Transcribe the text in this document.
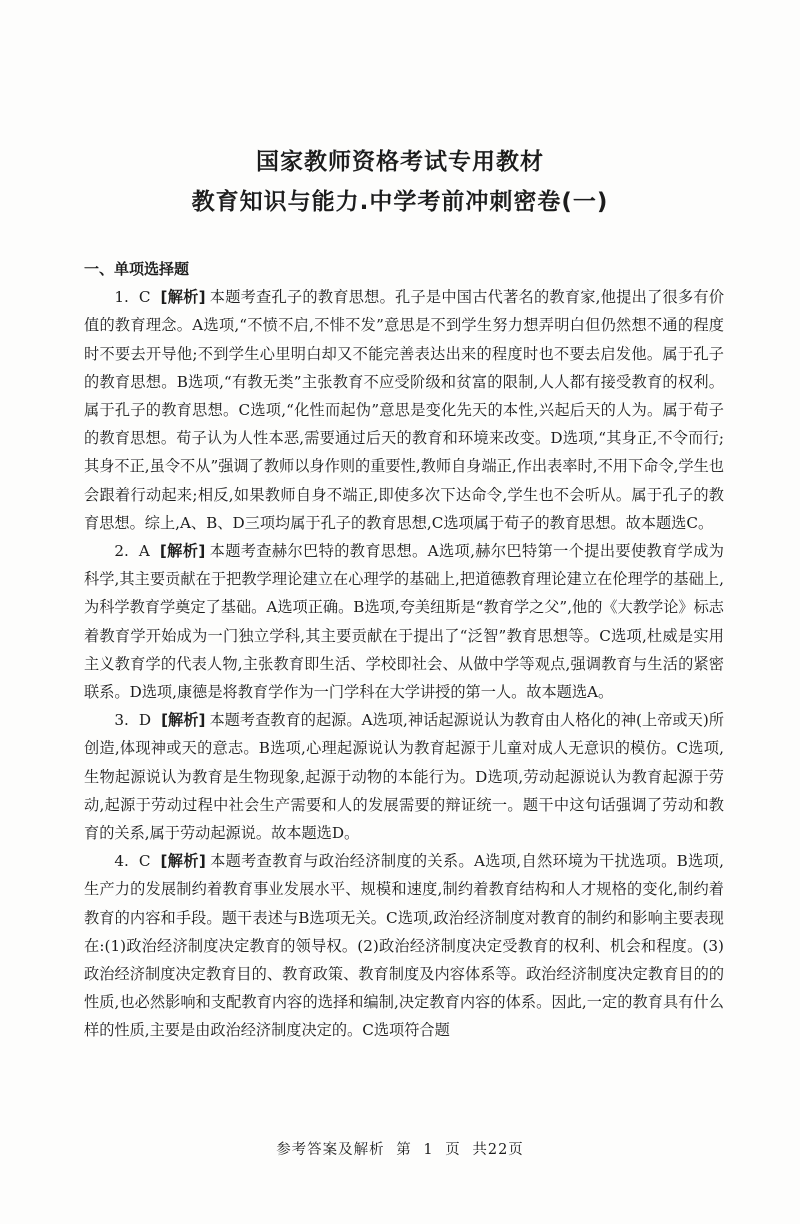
国家教师资格考试专用教材
教育知识与能力.中学考前冲刺密卷(一)

一、单项选择题

1. C [解析] 本题考查孔子的教育思想。孔子是中国古代著名的教育家,他提出了很多有价值的教育理念。A选项,“不愤不启,不悱不发”意思是不到学生努力想弄明白但仍然想不通的程度时不要去开导他;不到学生心里明白却又不能完善表达出来的程度时也不要去启发他。属于孔子的教育思想。B选项,“有教无类”主张教育不应受阶级和贫富的限制,人人都有接受教育的权利。属于孔子的教育思想。C选项,“化性而起伪”意思是变化先天的本性,兴起后天的人为。属于荀子的教育思想。荀子认为人性本恶,需要通过后天的教育和环境来改变。D选项,“其身正,不令而行;其身不正,虽令不从”强调了教师以身作则的重要性,教师自身端正,作出表率时,不用下命令,学生也会跟着行动起来;相反,如果教师自身不端正,即使多次下达命令,学生也不会听从。属于孔子的教育思想。综上,A、B、D三项均属于孔子的教育思想,C选项属于荀子的教育思想。故本题选C。

2. A [解析] 本题考查赫尔巴特的教育思想。A选项,赫尔巴特第一个提出要使教育学成为科学,其主要贡献在于把教学理论建立在心理学的基础上,把道德教育理论建立在伦理学的基础上,为科学教育学奠定了基础。A选项正确。B选项,夸美纽斯是“教育学之父”,他的《大教学论》标志着教育学开始成为一门独立学科,其主要贡献在于提出了“泛智”教育思想等。C选项,杜威是实用主义教育学的代表人物,主张教育即生活、学校即社会、从做中学等观点,强调教育与生活的紧密联系。D选项,康德是将教育学作为一门学科在大学讲授的第一人。故本题选A。

3. D [解析] 本题考查教育的起源。A选项,神话起源说认为教育由人格化的神(上帝或天)所创造,体现神或天的意志。B选项,心理起源说认为教育起源于儿童对成人无意识的模仿。C选项,生物起源说认为教育是生物现象,起源于动物的本能行为。D选项,劳动起源说认为教育起源于劳动,起源于劳动过程中社会生产需要和人的发展需要的辩证统一。题干中这句话强调了劳动和教育的关系,属于劳动起源说。故本题选D。

4. C [解析] 本题考查教育与政治经济制度的关系。A选项,自然环境为干扰选项。B选项,生产力的发展制约着教育事业发展水平、规模和速度,制约着教育结构和人才规格的变化,制约着教育的内容和手段。题干表述与B选项无关。C选项,政治经济制度对教育的制约和影响主要表现在:(1)政治经济制度决定教育的领导权。(2)政治经济制度决定受教育的权利、机会和程度。(3)政治经济制度决定教育目的、教育政策、教育制度及内容体系等。政治经济制度决定教育目的的性质,也必然影响和支配教育内容的选择和编制,决定教育内容的体系。因此,一定的教育具有什么样的性质,主要是由政治经济制度决定的。C选项符合题

参考答案及解析 第 1 页 共22页
